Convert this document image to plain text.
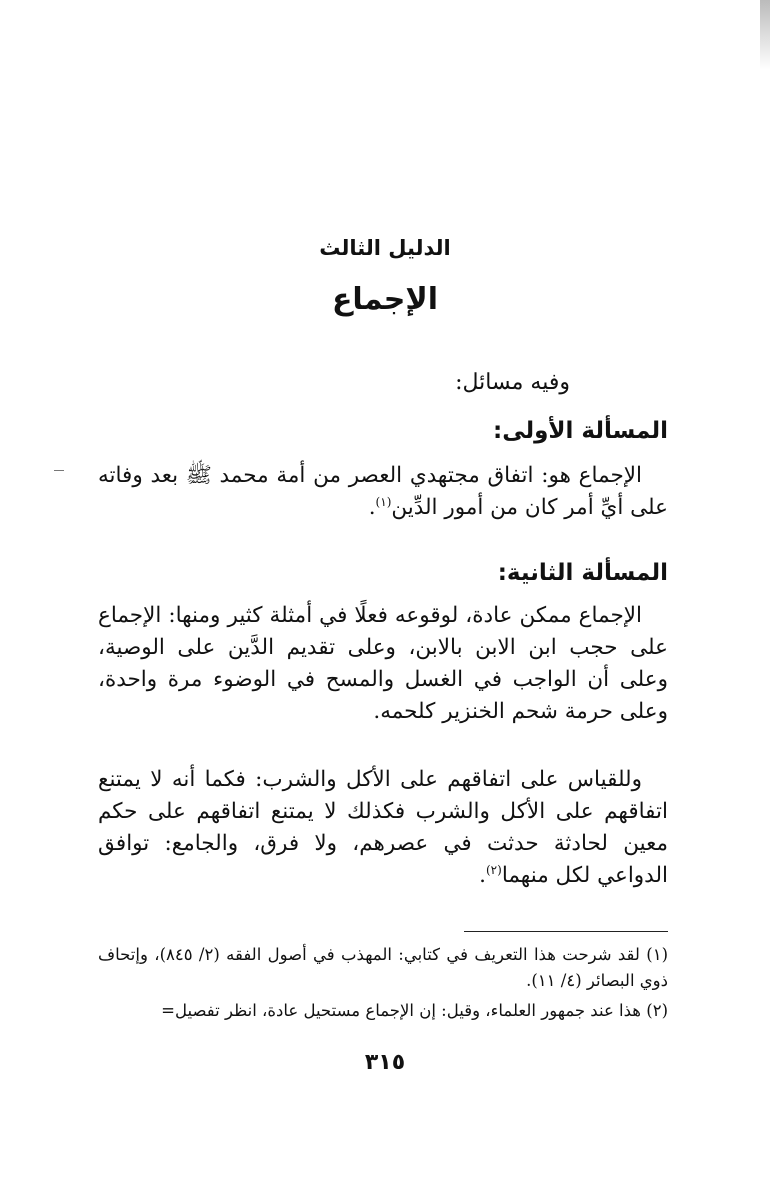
الدليل الثالث
الإجماع
وفيه مسائل:
المسألة الأولى:
الإجماع هو: اتفاق مجتهدي العصر من أمة محمد ﷺ بعد وفاته على أيِّ أمر كان من أمور الدِّين$^{(١)}$.
المسألة الثانية:
الإجماع ممكن عادة، لوقوعه فعلًا في أمثلة كثير ومنها: الإجماع على حجب ابن الابن بالابن، وعلى تقديم الدَّين على الوصية، وعلى أن الواجب في الغسل والمسح في الوضوء مرة واحدة، وعلى حرمة شحم الخنزير كلحمه.
وللقياس على اتفاقهم على الأكل والشرب: فكما أنه لا يمتنع اتفاقهم على الأكل والشرب فكذلك لا يمتنع اتفاقهم على حكم معين لحادثة حدثت في عصرهم، ولا فرق، والجامع: توافق الدواعي لكل منهما$^{(٢)}$.
(١) لقد شرحت هذا التعريف في كتابي: المهذب في أصول الفقه (٢/ ٨٤٥)، وإتحاف ذوي البصائر (٤/ ١١).
(٢) هذا عند جمهور العلماء، وقيل: إن الإجماع مستحيل عادة، انظر تفصيل=
٣١٥
